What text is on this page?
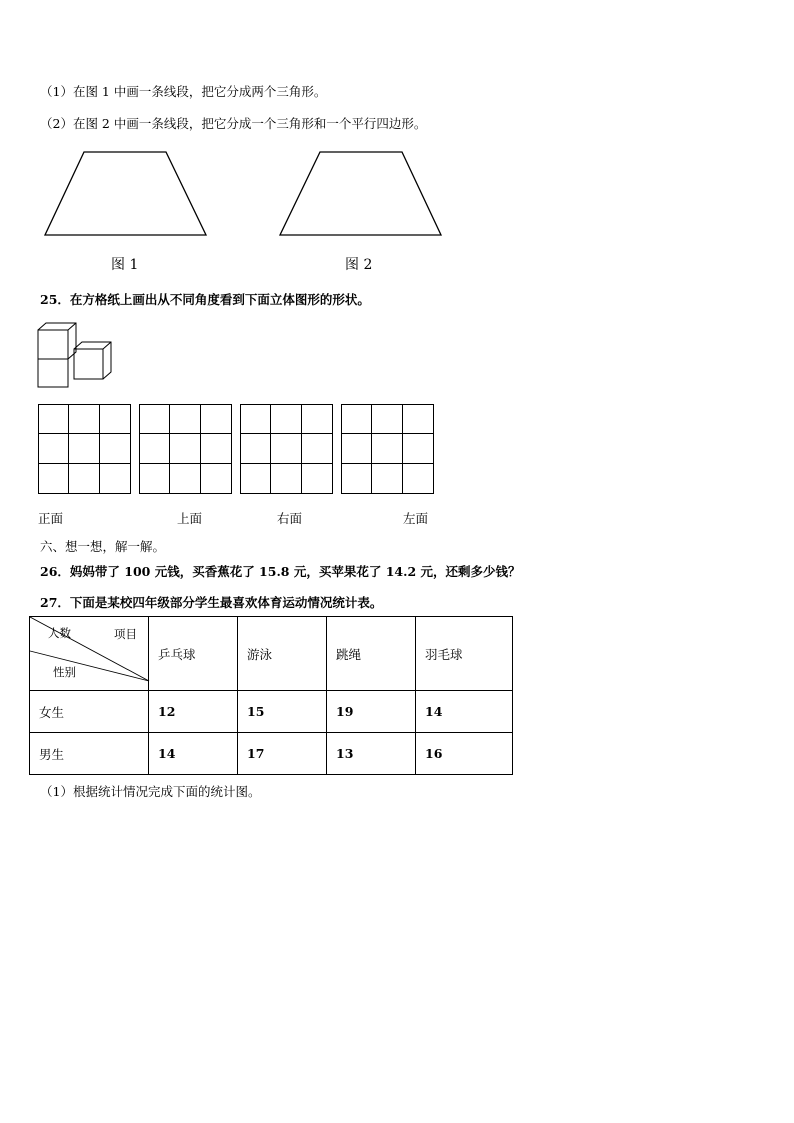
（1）在图 1 中画一条线段，把它分成两个三角形。
（2）在图 2 中画一条线段，把它分成一个三角形和一个平行四边形。
图 1	图 2
25．在方格纸上画出从不同角度看到下面立体图形的形状。
正面	上面	右面	左面
六、想一想，解一解。
26．妈妈带了 100 元钱，买香蕉花了 15.8 元，买苹果花了 14.2 元，还剩多少钱？
27．下面是某校四年级部分学生最喜欢体育运动情况统计表。
人数 项目
性别	乒乓球	游泳	跳绳	羽毛球
女生	12	15	19	14
男生	14	17	13	16
（1）根据统计情况完成下面的统计图。
